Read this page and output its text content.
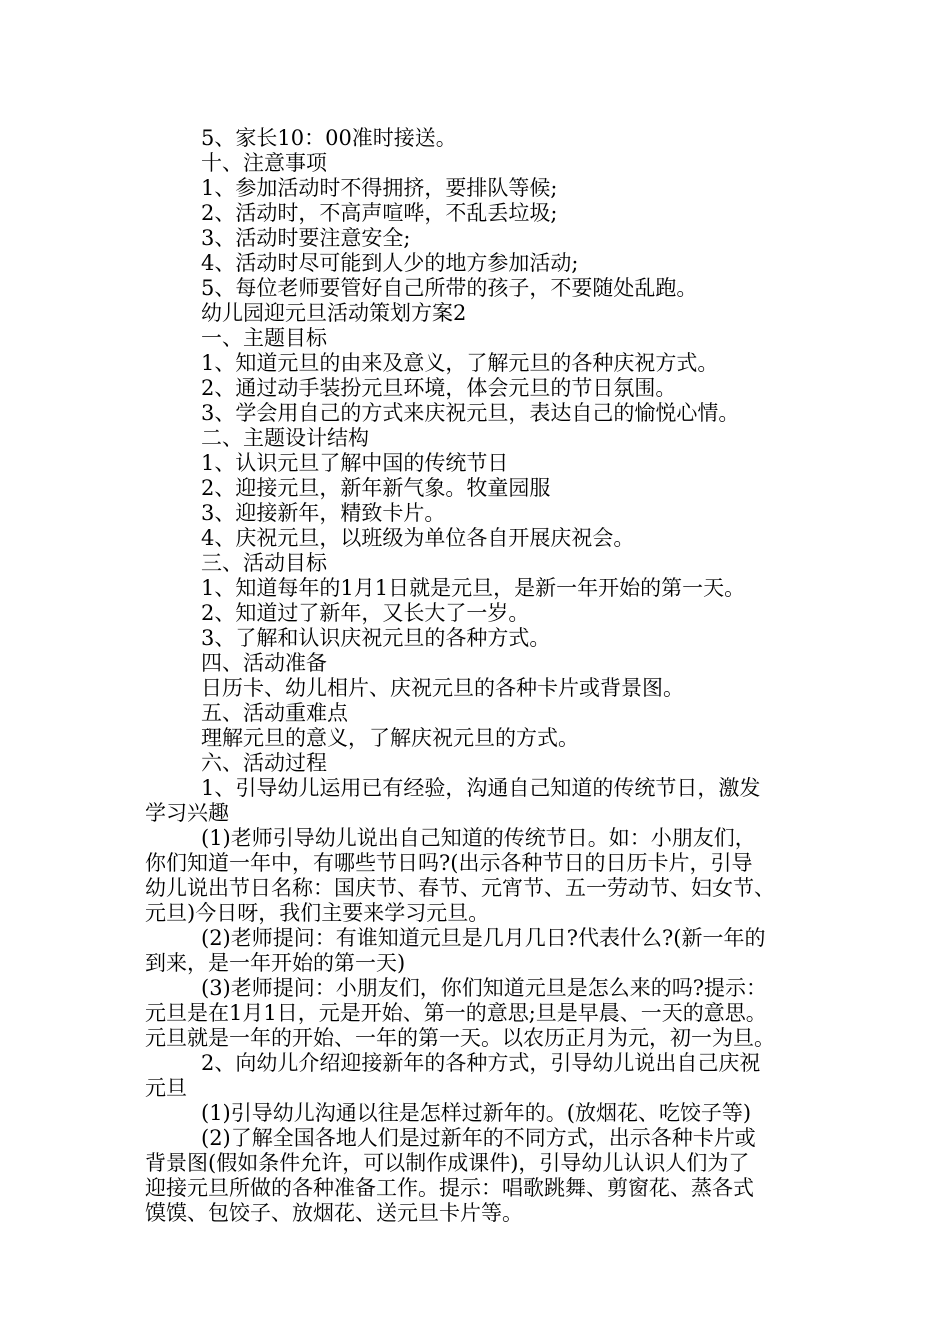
5、家长10：00准时接送。
十、注意事项
1、参加活动时不得拥挤，要排队等候;
2、活动时，不高声喧哗，不乱丢垃圾;
3、活动时要注意安全;
4、活动时尽可能到人少的地方参加活动;
5、每位老师要管好自己所带的孩子，不要随处乱跑。
幼儿园迎元旦活动策划方案2
一、主题目标
1、知道元旦的由来及意义，了解元旦的各种庆祝方式。
2、通过动手装扮元旦环境，体会元旦的节日氛围。
3、学会用自己的方式来庆祝元旦，表达自己的愉悦心情。
二、主题设计结构
1、认识元旦了解中国的传统节日
2、迎接元旦，新年新气象。牧童园服
3、迎接新年，精致卡片。
4、庆祝元旦，以班级为单位各自开展庆祝会。
三、活动目标
1、知道每年的1月1日就是元旦，是新一年开始的第一天。
2、知道过了新年，又长大了一岁。
3、了解和认识庆祝元旦的各种方式。
四、活动准备
日历卡、幼儿相片、庆祝元旦的各种卡片或背景图。
五、活动重难点
理解元旦的意义，了解庆祝元旦的方式。
六、活动过程
1、引导幼儿运用已有经验，沟通自己知道的传统节日，激发
学习兴趣
(1)老师引导幼儿说出自己知道的传统节日。如：小朋友们，
你们知道一年中，有哪些节日吗?(出示各种节日的日历卡片，引导
幼儿说出节日名称：国庆节、春节、元宵节、五一劳动节、妇女节、
元旦)今日呀，我们主要来学习元旦。
(2)老师提问：有谁知道元旦是几月几日?代表什么?(新一年的
到来，是一年开始的第一天)
(3)老师提问：小朋友们，你们知道元旦是怎么来的吗?提示：
元旦是在1月1日，元是开始、第一的意思;旦是早晨、一天的意思。
元旦就是一年的开始、一年的第一天。以农历正月为元，初一为旦。
2、向幼儿介绍迎接新年的各种方式，引导幼儿说出自己庆祝
元旦
(1)引导幼儿沟通以往是怎样过新年的。(放烟花、吃饺子等)
(2)了解全国各地人们是过新年的不同方式，出示各种卡片或
背景图(假如条件允许，可以制作成课件)，引导幼儿认识人们为了
迎接元旦所做的各种准备工作。提示：唱歌跳舞、剪窗花、蒸各式
馍馍、包饺子、放烟花、送元旦卡片等。
